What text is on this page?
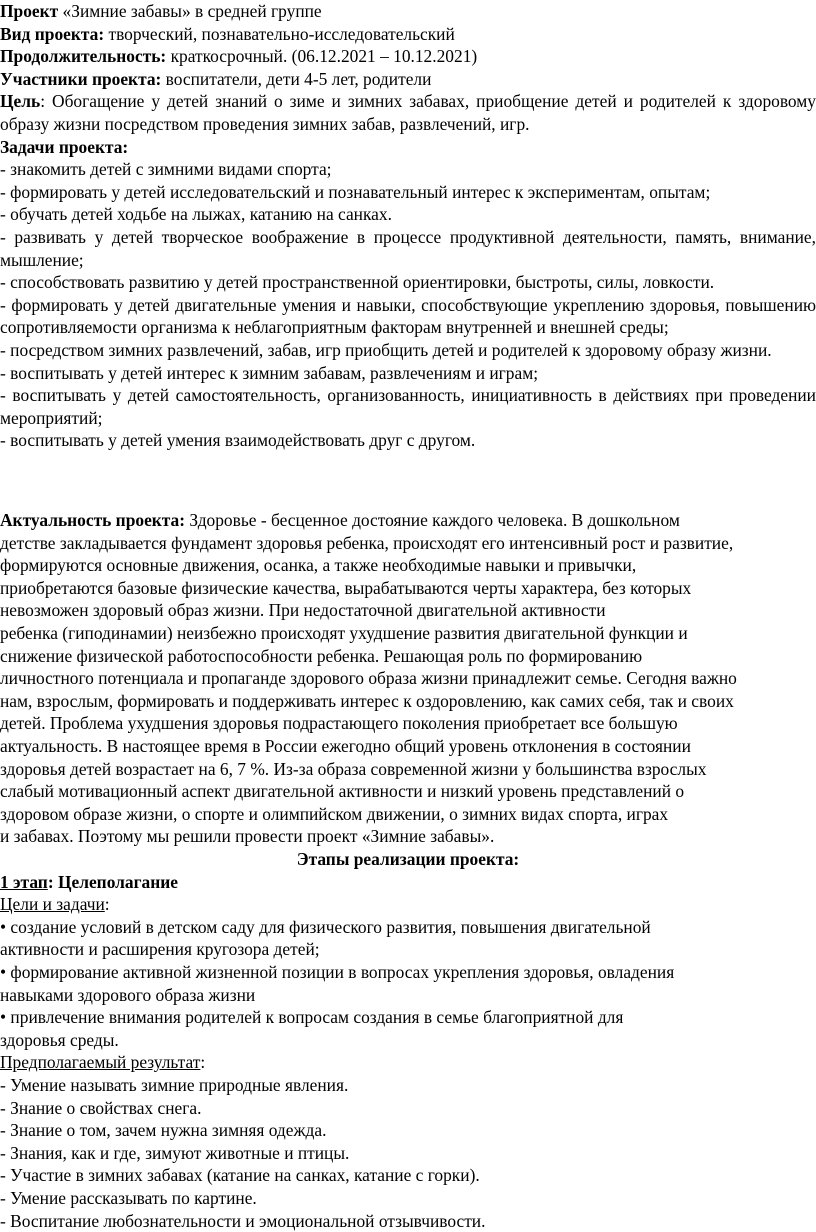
Проект «Зимние забавы» в средней группе
Вид проекта: творческий, познавательно-исследовательский
Продолжительность: краткосрочный. (06.12.2021 – 10.12.2021)
Участники проекта: воспитатели, дети 4-5 лет, родители
Цель: Обогащение у детей знаний о зиме и зимних забавах, приобщение детей и родителей к здоровому образу жизни посредством проведения зимних забав, развлечений, игр.
Задачи проекта:
- знакомить детей с зимними видами спорта;
- формировать у детей исследовательский и познавательный интерес к экспериментам, опытам;
- обучать детей ходьбе на лыжах, катанию на санках.
- развивать у детей творческое воображение в процессе продуктивной деятельности, память, внимание, мышление;
- способствовать развитию у детей пространственной ориентировки, быстроты, силы, ловкости.
- формировать у детей двигательные умения и навыки, способствующие укреплению здоровья, повышению сопротивляемости организма к неблагоприятным факторам внутренней и внешней среды;
- посредством зимних развлечений, забав, игр приобщить детей и родителей к здоровому образу жизни.
- воспитывать у детей интерес к зимним забавам, развлечениям и играм;
- воспитывать у детей самостоятельность, организованность, инициативность в действиях при проведении мероприятий;
- воспитывать у детей умения взаимодействовать друг с другом.
Актуальность проекта: Здоровье - бесценное достояние каждого человека. В дошкольном
детстве закладывается фундамент здоровья ребенка, происходят его интенсивный рост и развитие,
формируются основные движения, осанка, а также необходимые навыки и привычки,
приобретаются базовые физические качества, вырабатываются черты характера, без которых
невозможен здоровый образ жизни. При недостаточной двигательной активности
ребенка (гиподинамии) неизбежно происходят ухудшение развития двигательной функции и
снижение физической работоспособности ребенка. Решающая роль по формированию
личностного потенциала и пропаганде здорового образа жизни принадлежит семье. Сегодня важно
нам, взрослым, формировать и поддерживать интерес к оздоровлению, как самих себя, так и своих
детей. Проблема ухудшения здоровья подрастающего поколения приобретает все большую
актуальность. В настоящее время в России ежегодно общий уровень отклонения в состоянии
здоровья детей возрастает на 6, 7 %. Из-за образа современной жизни у большинства взрослых
слабый мотивационный аспект двигательной активности и низкий уровень представлений о
здоровом образе жизни, о спорте и олимпийском движении, о зимних видах спорта, играх
и забавах. Поэтому мы решили провести проект «Зимние забавы».
Этапы реализации проекта:
1 этап: Целеполагание
Цели и задачи:
• создание условий в детском саду для физического развития, повышения двигательной
активности и расширения кругозора детей;
• формирование активной жизненной позиции в вопросах укрепления здоровья, овладения
навыками здорового образа жизни
• привлечение внимания родителей к вопросам создания в семье благоприятной для
здоровья среды.
Предполагаемый результат:
- Умение называть зимние природные явления.
- Знание о свойствах снега.
- Знание о том, зачем нужна зимняя одежда.
- Знания, как и где, зимуют животные и птицы.
- Участие в зимних забавах (катание на санках, катание с горки).
- Умение рассказывать по картине.
- Воспитание любознательности и эмоциональной отзывчивости.
